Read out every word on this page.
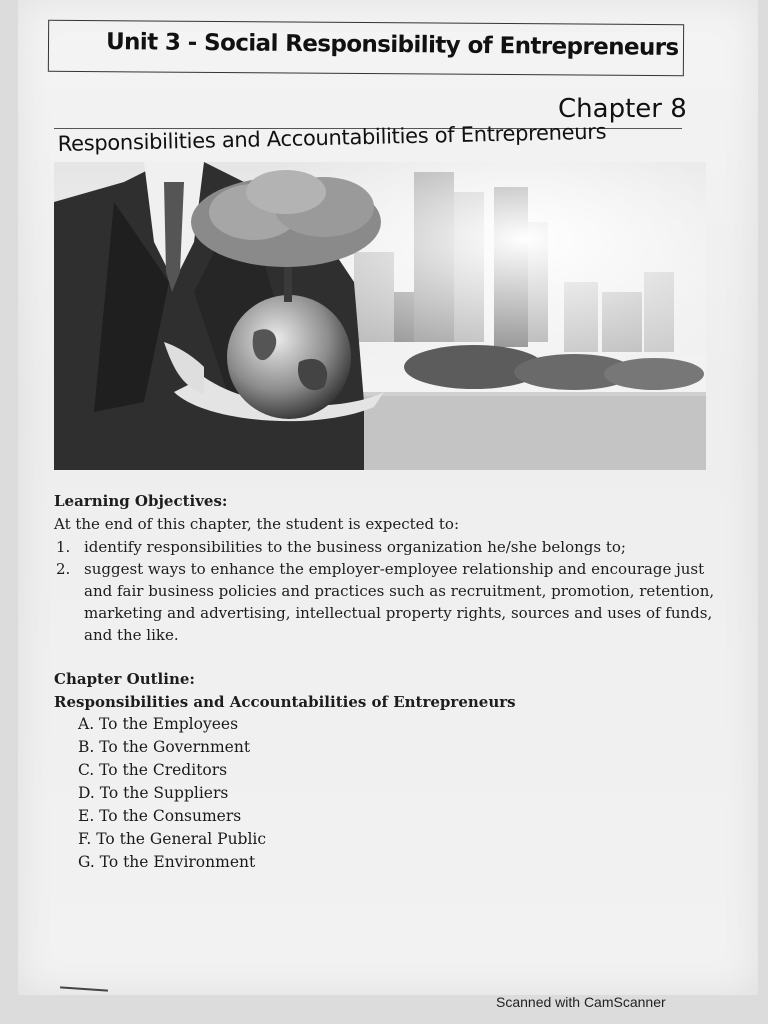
Unit 3 - Social Responsibility of Entrepreneurs
Chapter 8
Responsibilities and Accountabilities of Entrepreneurs
Learning Objectives:
At the end of this chapter, the student is expected to:
1. identify responsibilities to the business organization he/she belongs to;
2. suggest ways to enhance the employer-employee relationship and encourage just
and fair business policies and practices such as recruitment, promotion, retention,
marketing and advertising, intellectual property rights, sources and uses of funds,
and the like.
Chapter Outline:
Responsibilities and Accountabilities of Entrepreneurs
A. To the Employees
B. To the Government
C. To the Creditors
D. To the Suppliers
E. To the Consumers
F. To the General Public
G. To the Environment
Scanned with CamScanner
